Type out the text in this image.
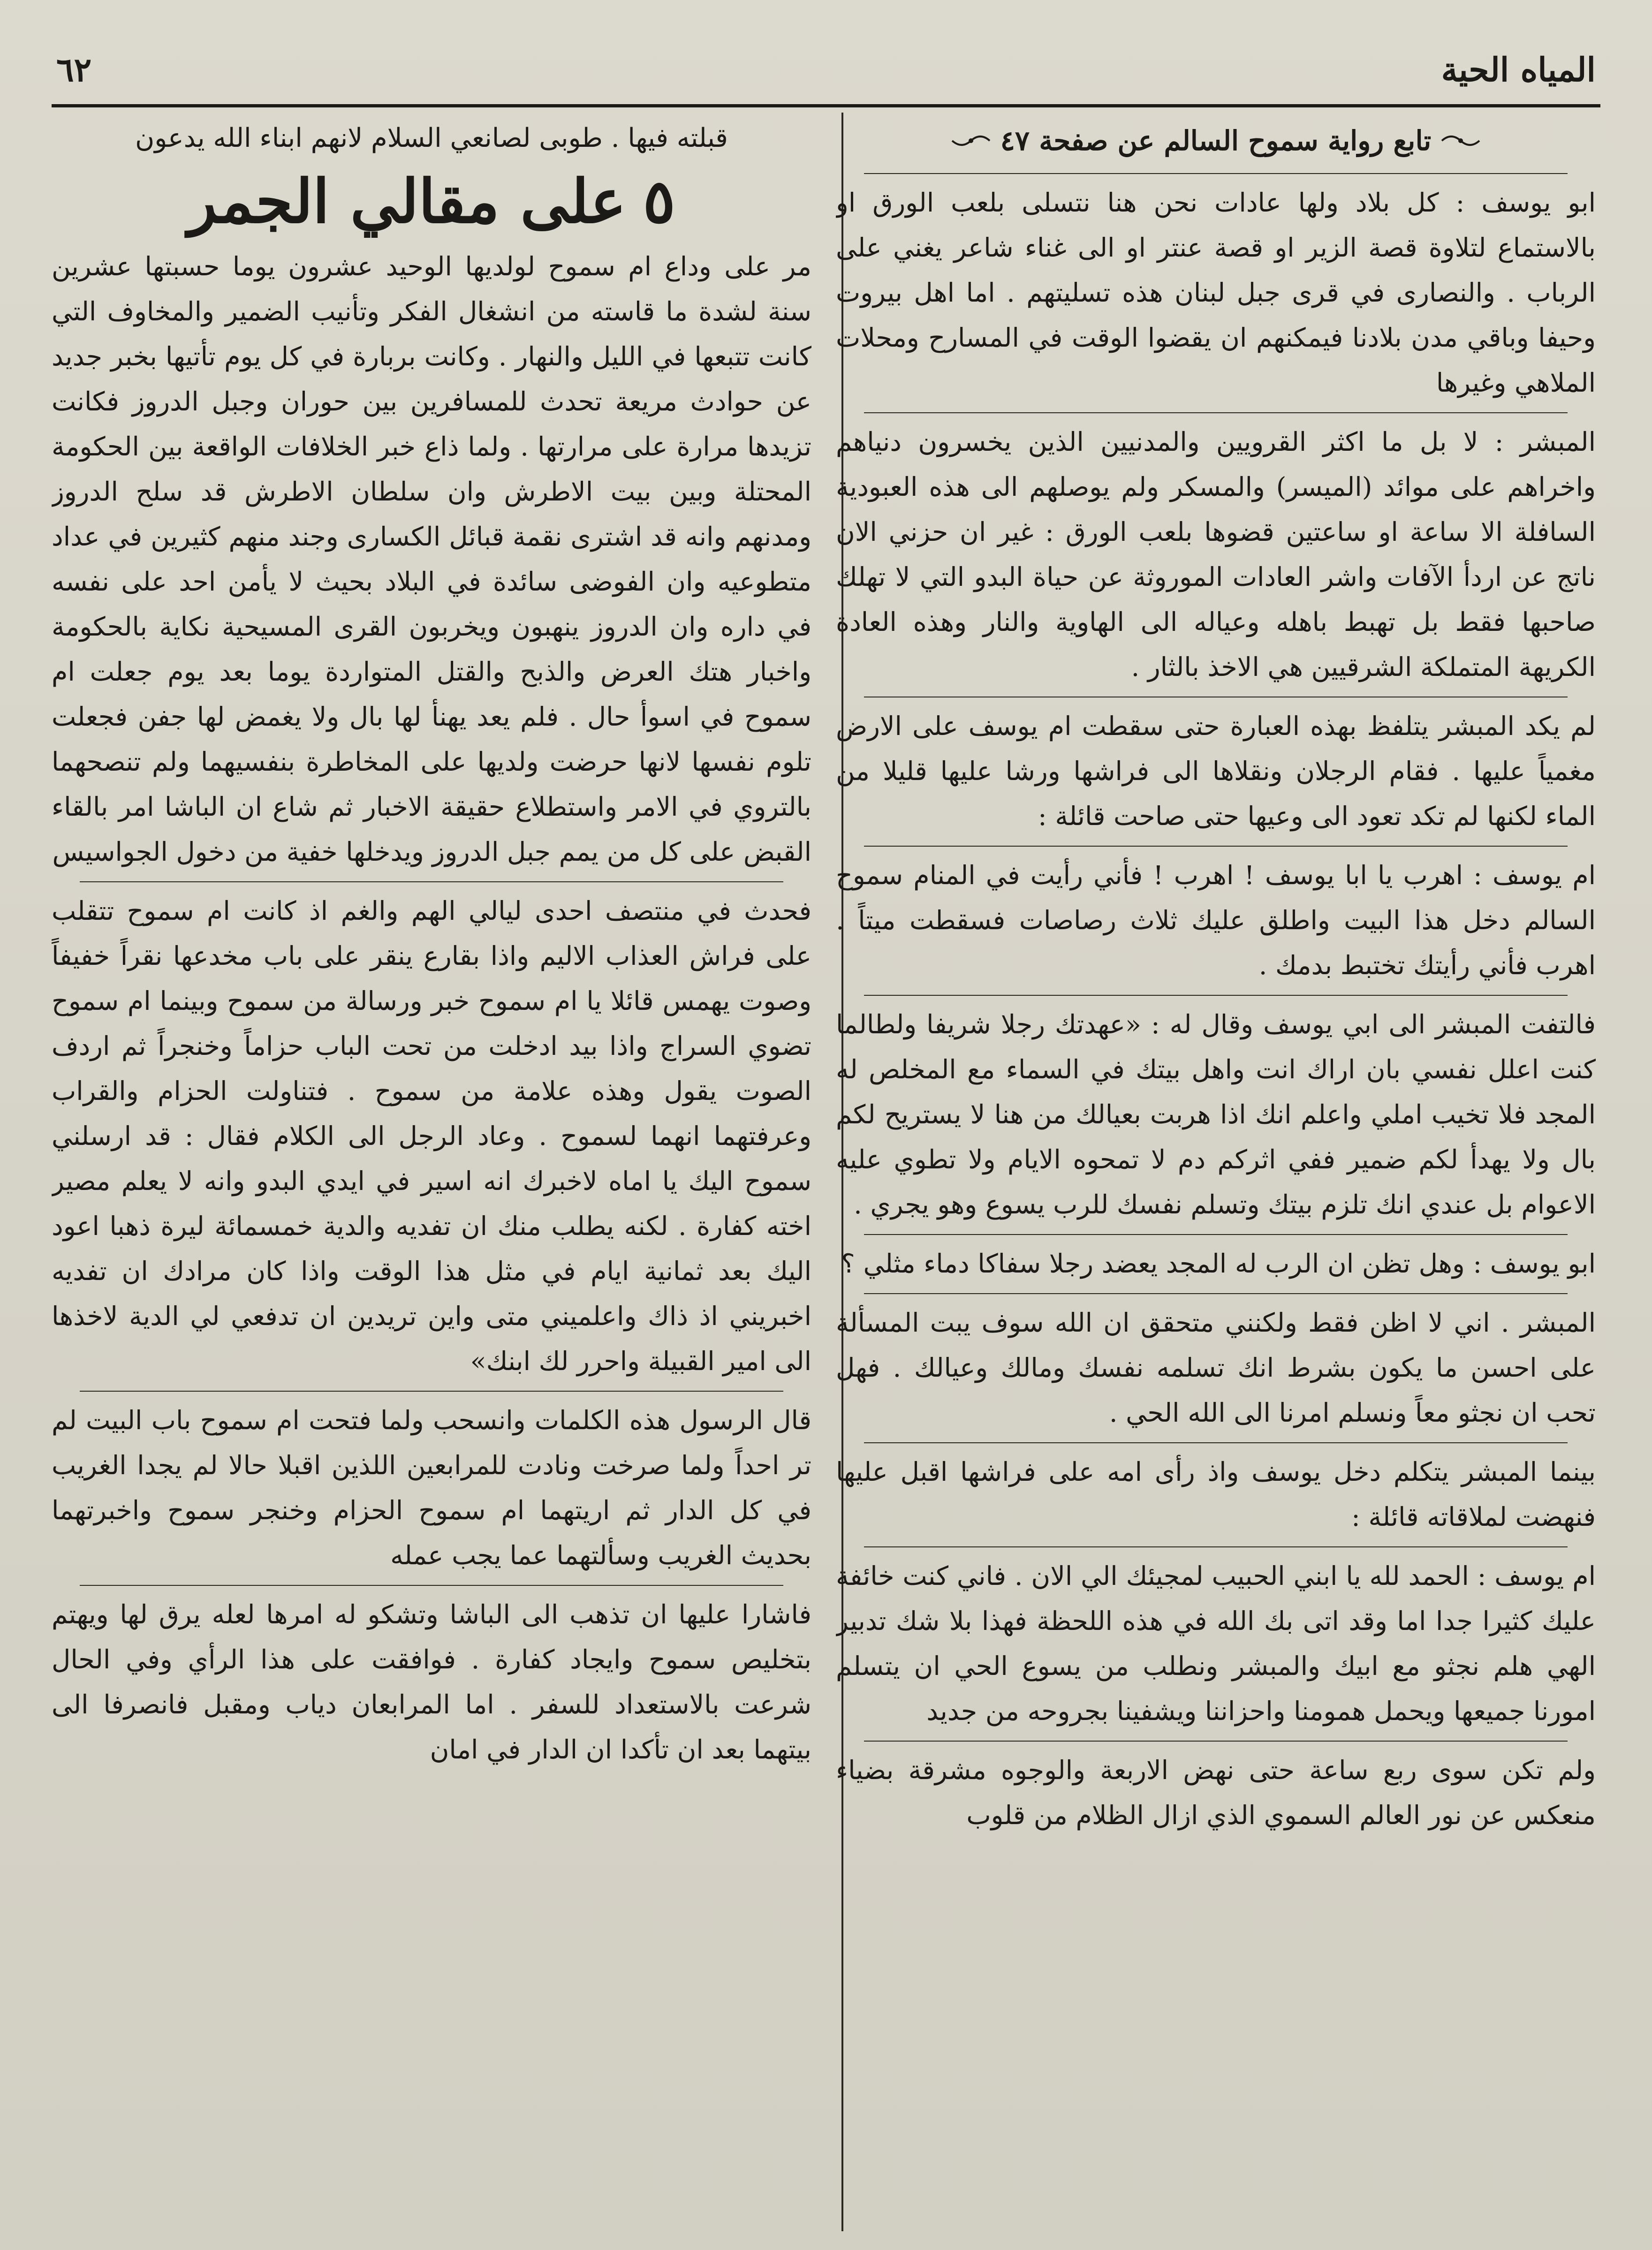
المياه الحية
٦٢
تابع رواية سموح السالم عن صفحة ٤٧

ابو يوسف : كل بلاد ولها عادات نحن هنا نتسلى بلعب الورق او بالاستماع لتلاوة قصة الزير او قصة عنتر او الى غناء شاعر يغني على الرباب . والنصارى في قرى جبل لبنان هذه تسليتهم . اما اهل بيروت وحيفا وباقي مدن بلادنا فيمكنهم ان يقضوا الوقت في المسارح ومحلات الملاهي وغيرها

المبشر : لا بل ما اكثر القرويين والمدنيين الذين يخسرون دنياهم واخراهم على موائد (الميسر) والمسكر ولم يوصلهم الى هذه العبودية السافلة الا ساعة او ساعتين قضوها بلعب الورق : غير ان حزني الان ناتج عن اردأ الآفات واشر العادات الموروثة عن حياة البدو التي لا تهلك صاحبها فقط بل تهبط باهله وعياله الى الهاوية والنار وهذه العادة الكريهة المتملكة الشرقيين هي الاخذ بالثار .

لم يكد المبشر يتلفظ بهذه العبارة حتى سقطت ام يوسف على الارض مغمياً عليها . فقام الرجلان ونقلاها الى فراشها ورشا عليها قليلا من الماء لكنها لم تكد تعود الى وعيها حتى صاحت قائلة :

ام يوسف : اهرب يا ابا يوسف ! اهرب ! فأني رأيت في المنام سموح السالم دخل هذا البيت واطلق عليك ثلاث رصاصات فسقطت ميتاً . اهرب فأني رأيتك تختبط بدمك .

فالتفت المبشر الى ابي يوسف وقال له : «عهدتك رجلا شريفا ولطالما كنت اعلل نفسي بان اراك انت واهل بيتك في السماء مع المخلص له المجد فلا تخيب املي واعلم انك اذا هربت بعيالك من هنا لا يستريح لكم بال ولا يهدأ لكم ضمير ففي اثركم دم لا تمحوه الايام ولا تطوي عليه الاعوام بل عندي انك تلزم بيتك وتسلم نفسك للرب يسوع وهو يجري .

ابو يوسف : وهل تظن ان الرب له المجد يعضد رجلا سفاكا دماء مثلي ؟

المبشر . اني لا اظن فقط ولكنني متحقق ان الله سوف يبت المسألة على احسن ما يكون بشرط انك تسلمه نفسك ومالك وعيالك . فهل تحب ان نجثو معاً ونسلم امرنا الى الله الحي .

بينما المبشر يتكلم دخل يوسف واذ رأى امه على فراشها اقبل عليها فنهضت لملاقاته قائلة :

ام يوسف : الحمد لله يا ابني الحبيب لمجيئك الي الان . فاني كنت خائفة عليك كثيرا جدا اما وقد اتى بك الله في هذه اللحظة فهذا بلا شك تدبير الهي هلم نجثو مع ابيك والمبشر ونطلب من يسوع الحي ان يتسلم امورنا جميعها ويحمل همومنا واحزاننا ويشفينا بجروحه من جديد

ولم تكن سوى ربع ساعة حتى نهض الاربعة والوجوه مشرقة بضياء منعكس عن نور العالم السموي الذي ازال الظلام من قلوب

قبلته فيها . طوبى لصانعي السلام لانهم ابناء الله يدعون

٥
على مقالي الجمر

مر على وداع ام سموح لولديها الوحيد عشرون يوما حسبتها عشرين سنة لشدة ما قاسته من انشغال الفكر وتأنيب الضمير والمخاوف التي كانت تتبعها في الليل والنهار . وكانت بربارة في كل يوم تأتيها بخبر جديد عن حوادث مريعة تحدث للمسافرين بين حوران وجبل الدروز فكانت تزيدها مرارة على مرارتها . ولما ذاع خبر الخلافات الواقعة بين الحكومة المحتلة وبين بيت الاطرش وان سلطان الاطرش قد سلح الدروز ومدنهم وانه قد اشترى نقمة قبائل الكسارى وجند منهم كثيرين في عداد متطوعيه وان الفوضى سائدة في البلاد بحيث لا يأمن احد على نفسه في داره وان الدروز ينهبون ويخربون القرى المسيحية نكاية بالحكومة واخبار هتك العرض والذبح والقتل المتواردة يوما بعد يوم جعلت ام سموح في اسوأ حال . فلم يعد يهنأ لها بال ولا يغمض لها جفن فجعلت تلوم نفسها لانها حرضت ولديها على المخاطرة بنفسيهما ولم تنصحهما بالتروي في الامر واستطلاع حقيقة الاخبار ثم شاع ان الباشا امر بالقاء القبض على كل من يمم جبل الدروز ويدخلها خفية من دخول الجواسيس

فحدث في منتصف احدى ليالي الهم والغم اذ كانت ام سموح تتقلب على فراش العذاب الاليم واذا بقارع ينقر على باب مخدعها نقراً خفيفاً وصوت يهمس قائلا يا ام سموح خبر ورسالة من سموح وبينما ام سموح تضوي السراج واذا بيد ادخلت من تحت الباب حزاماً وخنجراً ثم اردف الصوت يقول وهذه علامة من سموح . فتناولت الحزام والقراب وعرفتهما انهما لسموح . وعاد الرجل الى الكلام فقال : قد ارسلني سموح اليك يا اماه لاخبرك انه اسير في ايدي البدو وانه لا يعلم مصير اخته كفارة . لكنه يطلب منك ان تفديه والدية خمسمائة ليرة ذهبا اعود اليك بعد ثمانية ايام في مثل هذا الوقت واذا كان مرادك ان تفديه اخبريني اذ ذاك واعلميني متى واين تريدين ان تدفعي لي الدية لاخذها الى امير القبيلة واحرر لك ابنك»

قال الرسول هذه الكلمات وانسحب ولما فتحت ام سموح باب البيت لم تر احداً ولما صرخت ونادت للمرابعين اللذين اقبلا حالا لم يجدا الغريب في كل الدار ثم اريتهما ام سموح الحزام وخنجر سموح واخبرتهما بحديث الغريب وسألتهما عما يجب عمله

فاشارا عليها ان تذهب الى الباشا وتشكو له امرها لعله يرق لها ويهتم بتخليص سموح وايجاد كفارة . فوافقت على هذا الرأي وفي الحال شرعت بالاستعداد للسفر . اما المرابعان دياب ومقبل فانصرفا الى بيتهما بعد ان تأكدا ان الدار في امان
